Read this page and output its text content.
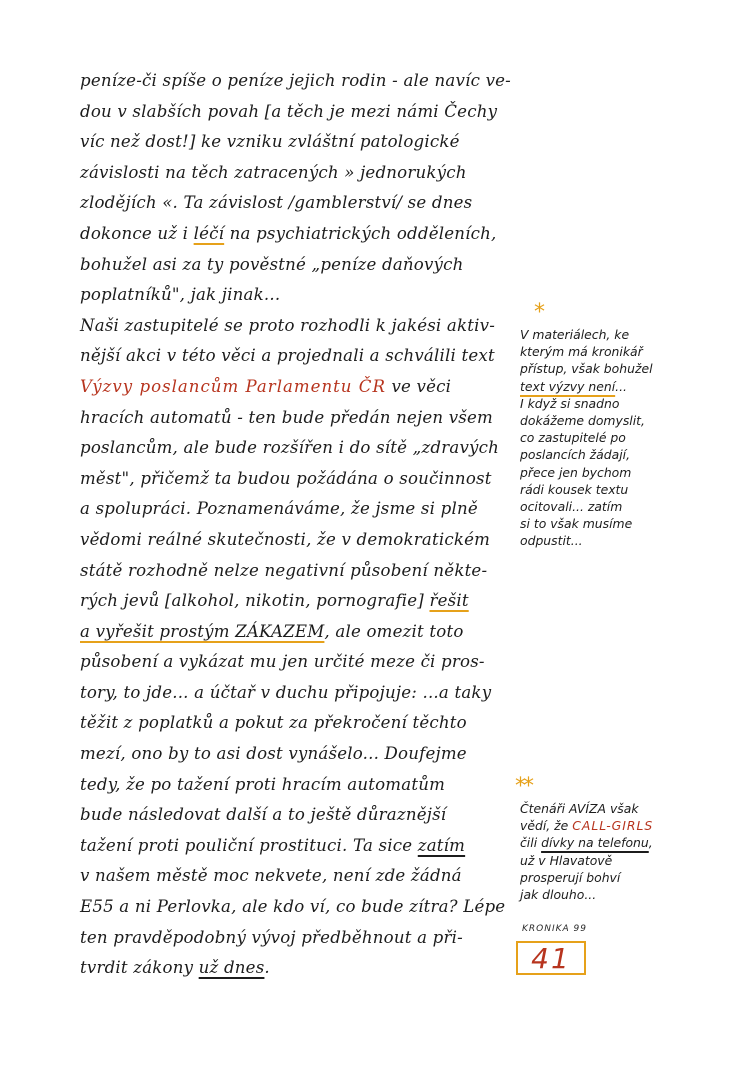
peníze-či spíše o peníze jejich rodin - ale navíc ve-
dou v slabších povah [a těch je mezi námi Čechy
víc než dost!] ke vzniku zvláštní patologické
závislosti na těch zatracených » jednorukých
zlodějích «. Ta závislost /gamblerství/ se dnes
dokonce už i léčí na psychiatrických odděleních,
bohužel asi za ty pověstné „peníze daňových
poplatníků", jak jinak...
Naši zastupitelé se proto rozhodli k jakési aktiv-
nější akci v této věci a projednali a schválili text
Výzvy poslancům Parlamentu ČR ve věci
hracích automatů - ten bude předán nejen všem
poslancům, ale bude rozšířen i do sítě „zdravých
měst", přičemž ta budou požádána o součinnost
a spolupráci. Poznamenáváme, že jsme si plně
vědomi reálné skutečnosti, že v demokratickém
státě rozhodně nelze negativní působení někte-
rých jevů [alkohol, nikotin, pornografie] řešit
a vyřešit prostým ZÁKAZEM, ale omezit toto
působení a vykázat mu jen určité meze či pros-
tory, to jde... a účtař v duchu připojuje: ...a taky
těžit z poplatků a pokut za překročení těchto
mezí, ono by to asi dost vynášelo... Doufejme
tedy, že po tažení proti hracím automatům
bude následovat další a to ještě důraznější
tažení proti pouliční prostituci. Ta sice zatím
v našem městě moc nekvete, není zde žádná
E55 a ni Perlovka, ale kdo ví, co bude zítra? Lépe
ten pravděpodobný vývoj předběhnout a při-
tvrdit zákony už dnes.
*
V materiálech, ke
kterým má kronikář
přístup, však bohužel
text výzvy není...
I když si snadno
dokážeme domyslit,
co zastupitelé po
poslancích žádají,
přece jen bychom
rádi kousek textu
ocitovali... zatím
si to však musíme
odpustit...
**
Čtenáři AVÍZA však
vědí, že CALL-GIRLS
čili dívky na telefonu,
už v Hlavatově
prosperují bohví
jak dlouho...
KRONIKA 99
41
